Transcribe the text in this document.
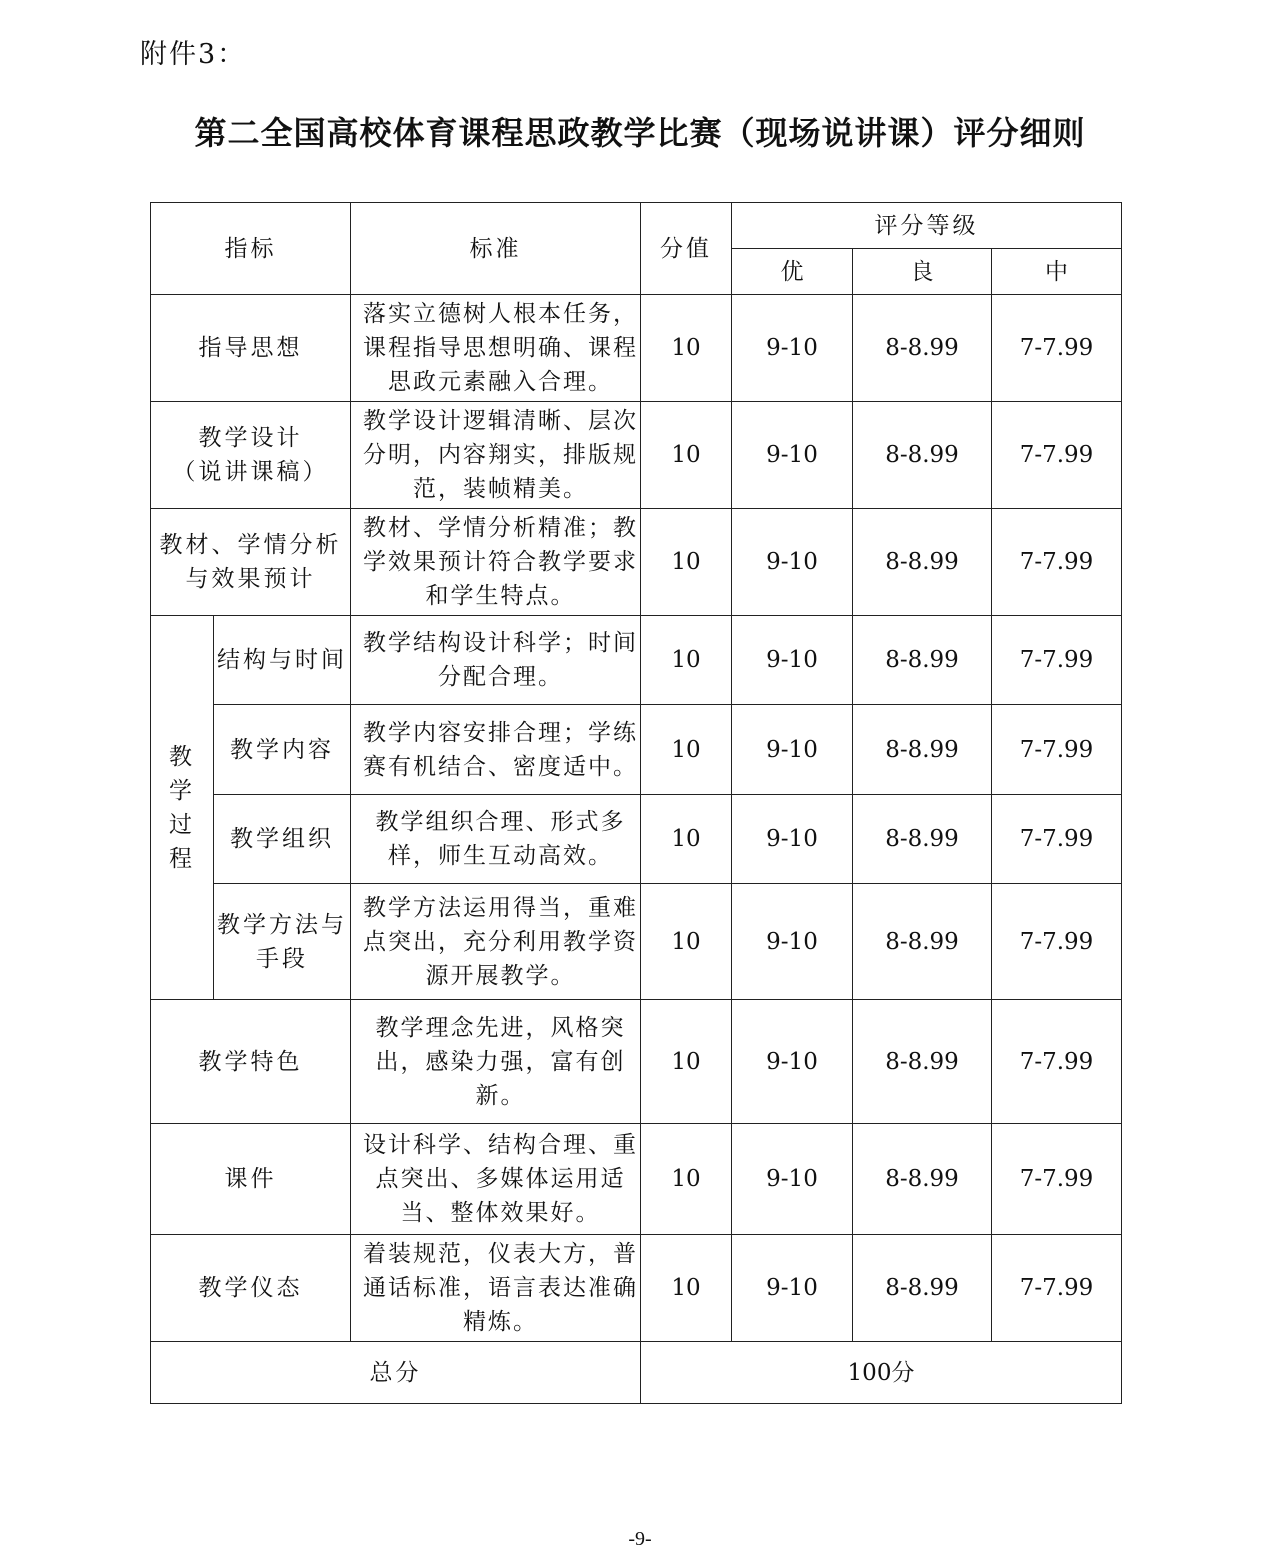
附件3：
第二全国高校体育课程思政教学比赛（现场说讲课）评分细则
指标		标准	分值	评分等级		
				优	良	中
指导思想		落实立德树人根本任务，课程指导思想明确、课程思政元素融入合理。	10	9-10	8-8.99	7-7.99

教学设计
（说讲课稿）		教学设计逻辑清晰、层次分明，内容翔实，排版规范，装帧精美。	10	9-10	8-8.99	7-7.99

教材、学情分析
与效果预计		教材、学情分析精准；教学效果预计符合教学要求和学生特点。	10	9-10	8-8.99	7-7.99

教
学
过
程	结构与时间	教学结构设计科学；时间分配合理。	10	9-10	8-8.99	7-7.99
	教学内容	教学内容安排合理；学练赛有机结合、密度适中。	10	9-10	8-8.99	7-7.99
	教学组织	教学组织合理、形式多样，师生互动高效。	10	9-10	8-8.99	7-7.99

	教学方法与
手段	教学方法运用得当，重难点突出，充分利用教学资源开展教学。	10	9-10	8-8.99	7-7.99
教学特色		教学理念先进，风格突出，感染力强，富有创新。	10	9-10	8-8.99	7-7.99
课件		设计科学、结构合理、重点突出、多媒体运用适当、整体效果好。	10	9-10	8-8.99	7-7.99
教学仪态		着装规范，仪表大方，普通话标准，语言表达准确精炼。	10	9-10	8-8.99	7-7.99
总分			100分			
-9-
